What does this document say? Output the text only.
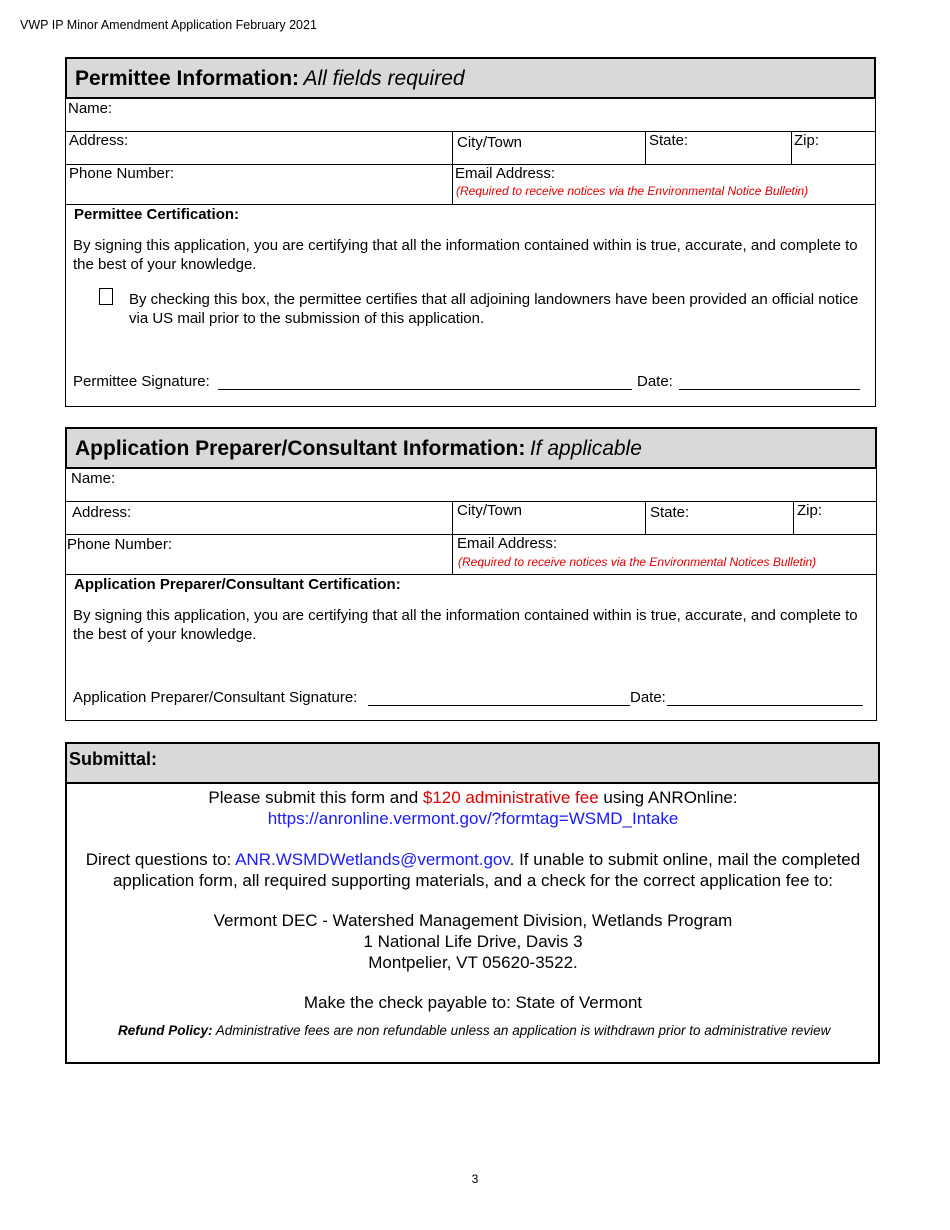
VWP IP Minor Amendment Application February 2021
Permittee Information: All fields required
Name:
Address:	City/Town	State:	Zip:
Phone Number:	Email Address:
(Required to receive notices via the Environmental Notice Bulletin)
Permittee Certification:
By signing this application, you are certifying that all the information contained within is true, accurate, and complete to the best of your knowledge.
By checking this box, the permittee certifies that all adjoining landowners have been provided an official notice via US mail prior to the submission of this application.
Permittee Signature:	Date:
Application Preparer/Consultant Information: If applicable
Name:
Address:	City/Town	State:	Zip:
Phone Number:	Email Address:
(Required to receive notices via the Environmental Notices Bulletin)
Application Preparer/Consultant Certification:
By signing this application, you are certifying that all the information contained within is true, accurate, and complete to the best of your knowledge.
Application Preparer/Consultant Signature:	Date:
Submittal:
Please submit this form and $120 administrative fee using ANROnline:
https://anronline.vermont.gov/?formtag=WSMD_Intake
Direct questions to: ANR.WSMDWetlands@vermont.gov. If unable to submit online, mail the completed application form, all required supporting materials, and a check for the correct application fee to:
Vermont DEC - Watershed Management Division, Wetlands Program
1 National Life Drive, Davis 3
Montpelier, VT 05620-3522.
Make the check payable to: State of Vermont
Refund Policy: Administrative fees are non refundable unless an application is withdrawn prior to administrative review
3
